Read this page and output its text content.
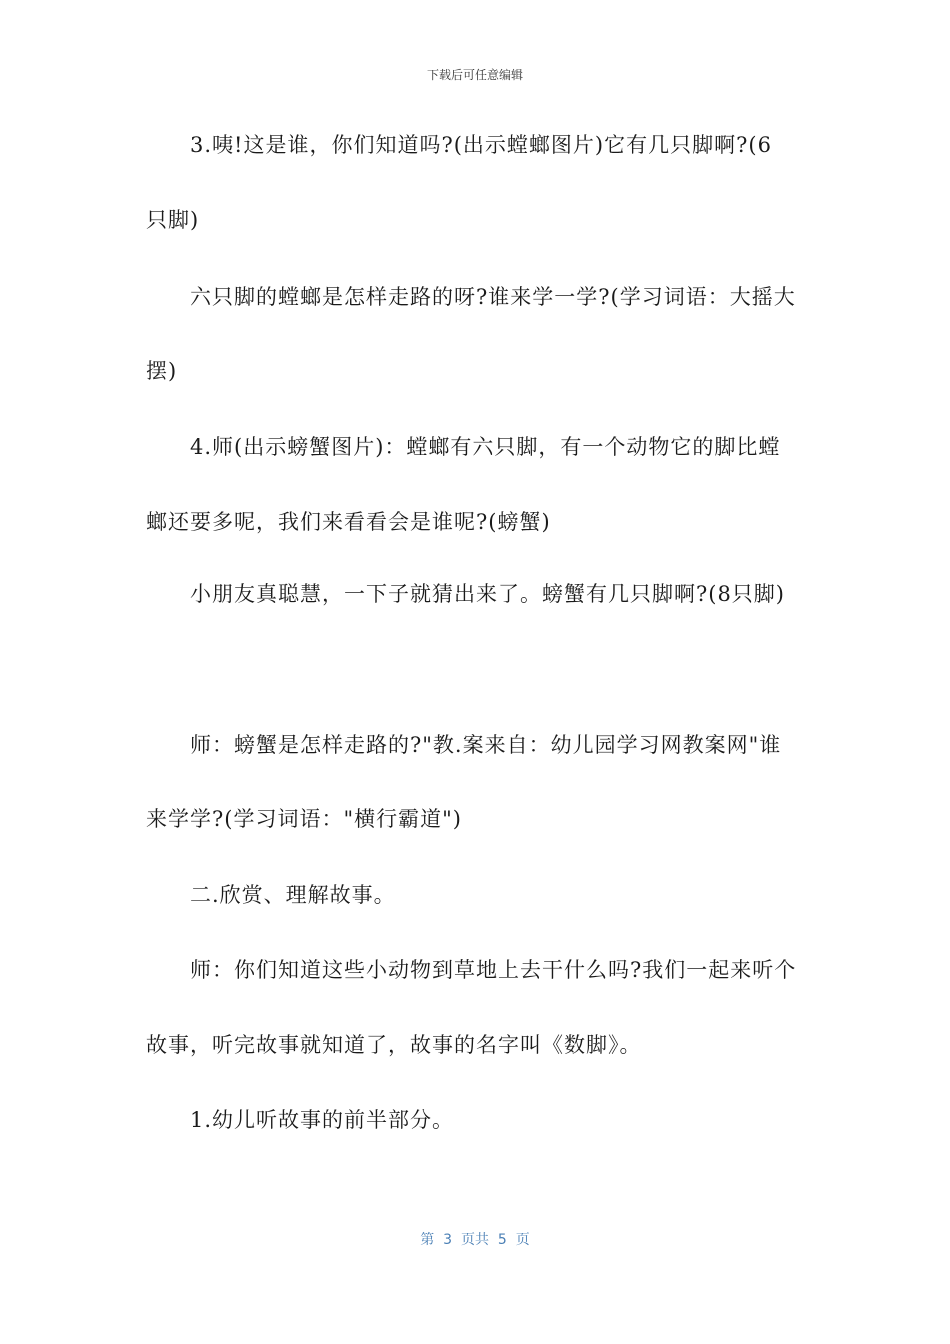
下载后可任意编辑
3.咦!这是谁，你们知道吗?(出示螳螂图片)它有几只脚啊?(6
只脚)
六只脚的螳螂是怎样走路的呀?谁来学一学?(学习词语：大摇大
摆)
4.师(出示螃蟹图片)：螳螂有六只脚，有一个动物它的脚比螳
螂还要多呢，我们来看看会是谁呢?(螃蟹)
小朋友真聪慧，一下子就猜出来了。螃蟹有几只脚啊?(8只脚)
师：螃蟹是怎样走路的?"教.案来自：幼儿园学习网教案网"谁
来学学?(学习词语："横行霸道")
二.欣赏、理解故事。
师：你们知道这些小动物到草地上去干什么吗?我们一起来听个
故事，听完故事就知道了，故事的名字叫《数脚》。
1.幼儿听故事的前半部分。
第  3  页共  5  页
